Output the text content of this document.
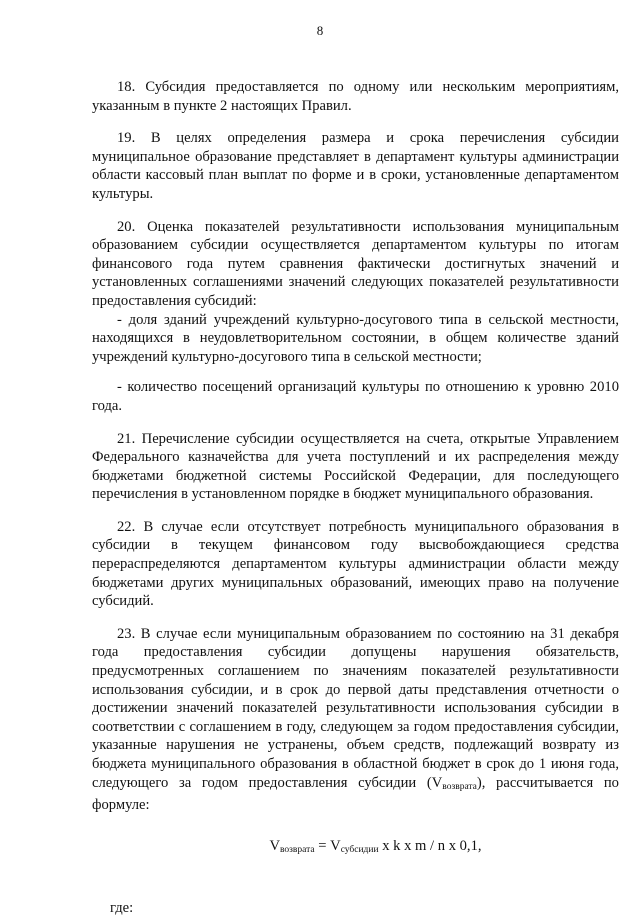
8

18. Субсидия предоставляется по одному или нескольким мероприятиям, указанным в пункте 2 настоящих Правил.

19. В целях определения размера и срока перечисления субсидии муниципальное образование представляет в департамент культуры администрации области кассовый план выплат по форме и в сроки, установленные департаментом культуры.

20. Оценка показателей результативности использования муниципальным образованием субсидии осуществляется департаментом культуры по итогам финансового года путем сравнения фактически достигнутых значений и установленных соглашениями значений следующих показателей результативности предоставления субсидий:

- доля зданий учреждений культурно-досугового типа в сельской местности, находящихся в неудовлетворительном состоянии, в общем количестве зданий учреждений культурно-досугового типа в сельской местности;

- количество посещений организаций культуры по отношению к уровню 2010 года.

21. Перечисление субсидии осуществляется на счета, открытые Управлением Федерального казначейства для учета поступлений и их распределения между бюджетами бюджетной системы Российской Федерации, для последующего перечисления в установленном порядке в бюджет муниципального образования.

22. В случае если отсутствует потребность муниципального образования в субсидии в текущем финансовом году высвобождающиеся средства перераспределяются департаментом культуры администрации области между бюджетами других муниципальных образований, имеющих право на получение субсидий.

23. В случае если муниципальным образованием по состоянию на 31 декабря года предоставления субсидии допущены нарушения обязательств, предусмотренных соглашением по значениям показателей результативности использования субсидии, и в срок до первой даты представления отчетности о достижении значений показателей результативности использования субсидии в соответствии с соглашением в году, следующем за годом предоставления субсидии, указанные нарушения не устранены, объем средств, подлежащий возврату из бюджета муниципального образования в областной бюджет в срок до 1 июня года, следующего за годом предоставления субсидии (Vвозврата), рассчитывается по формуле:

$V_{возврата} = V_{субсидии}$ x k x m / n x 0,1,

где:
